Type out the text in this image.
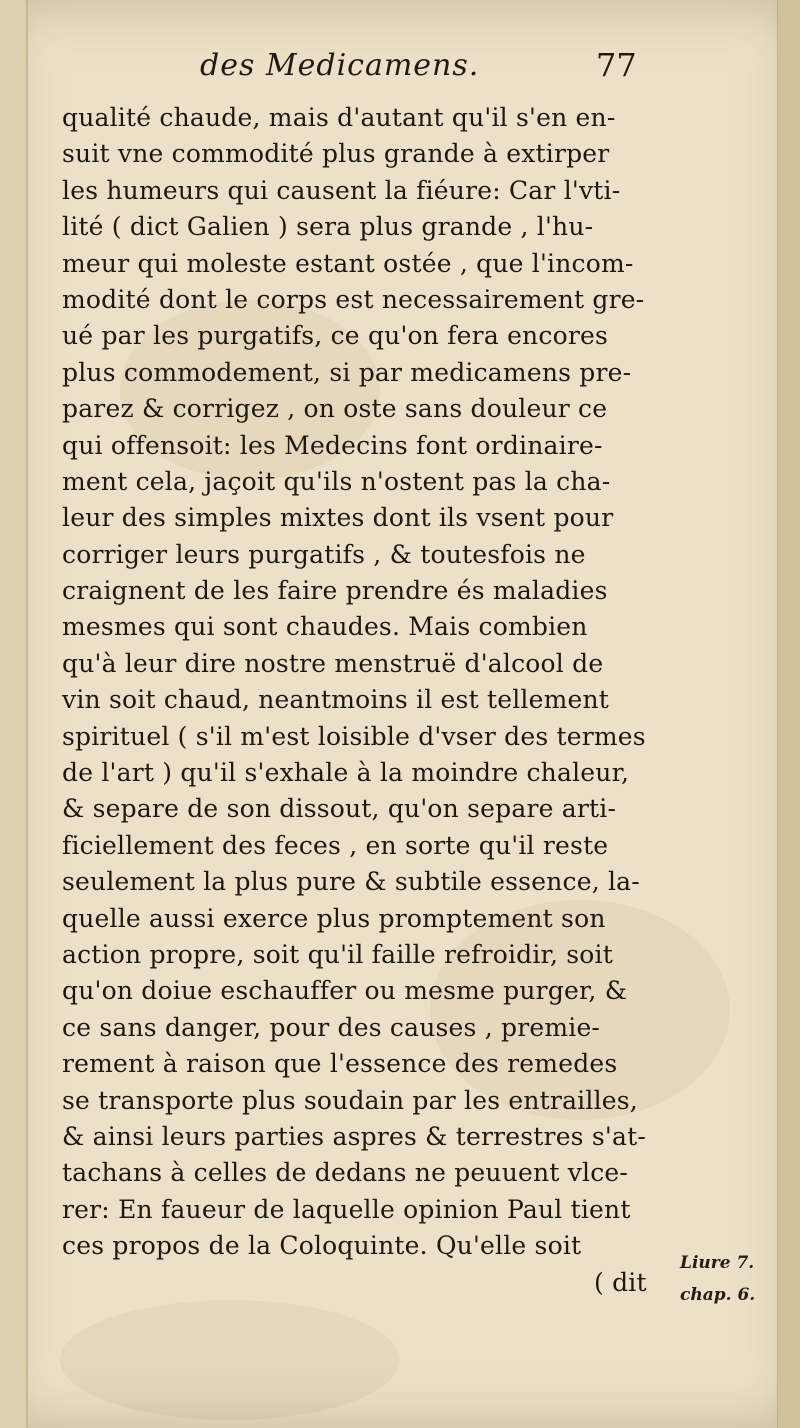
des Medicamens.	77
qualité chaude, mais d'autant qu'il s'en en-
suit vne commodité plus grande à extirper
les humeurs qui causent la fiéure: Car l'vti-
lité ( dict Galien ) sera plus grande , l'hu-
meur qui moleste estant ostée , que l'incom-
modité dont le corps est necessairement gre-
ué par les purgatifs, ce qu'on fera encores
plus commodement, si par medicamens pre-
parez & corrigez , on oste sans douleur ce
qui offensoit: les Medecins font ordinaire-
ment cela, jaçoit qu'ils n'ostent pas la cha-
leur des simples mixtes dont ils vsent pour
corriger leurs purgatifs , & toutesfois ne
craignent de les faire prendre és maladies
mesmes qui sont chaudes. Mais combien
qu'à leur dire nostre menstruë d'alcool de
vin soit chaud, neantmoins il est tellement
spirituel ( s'il m'est loisible d'vser des termes
de l'art ) qu'il s'exhale à la moindre chaleur,
& separe de son dissout, qu'on separe arti-
ficiellement des feces , en sorte qu'il reste
seulement la plus pure & subtile essence, la-
quelle aussi exerce plus promptement son
action propre, soit qu'il faille refroidir, soit
qu'on doiue eschauffer ou mesme purger, &
ce sans danger, pour des causes , premie-
rement à raison que l'essence des remedes
se transporte plus soudain par les entrailles,
& ainsi leurs parties aspres & terrestres s'at-
tachans à celles de dedans ne peuuent vlce-
rer: En faueur de laquelle opinion Paul tient
ces propos de la Coloquinte. Qu'elle soit
( dit
Liure 7.
chap. 6.
